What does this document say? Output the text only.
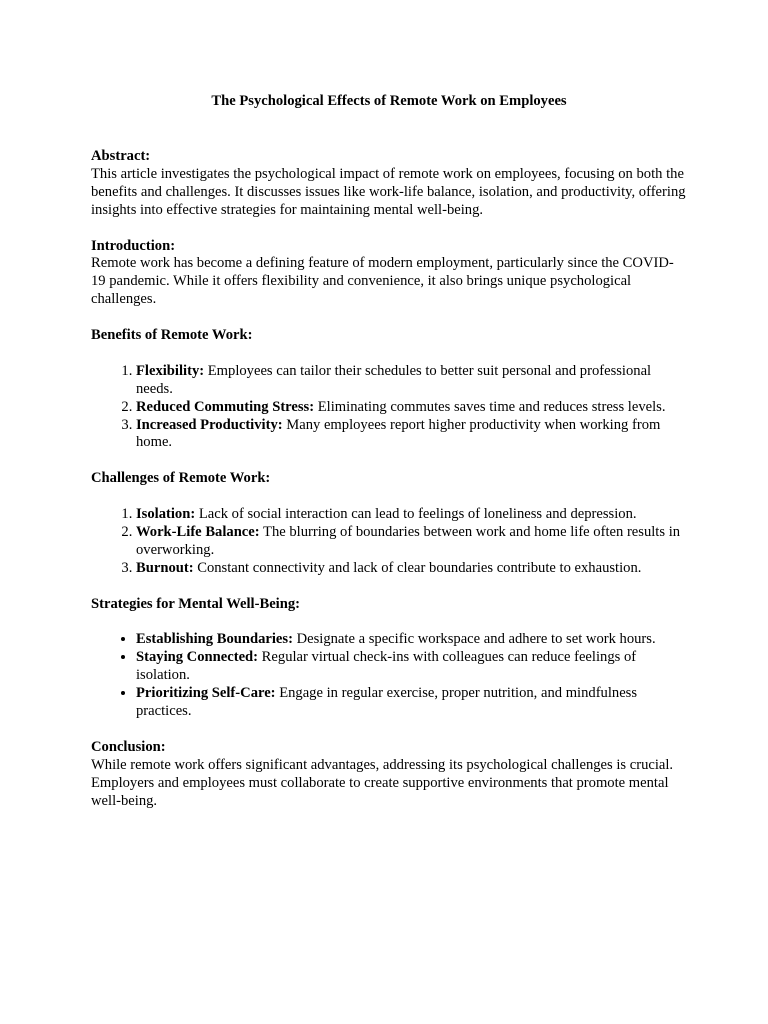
The Psychological Effects of Remote Work on Employees

Abstract:

This article investigates the psychological impact of remote work on employees, focusing on both the benefits and challenges. It discusses issues like work-life balance, isolation, and productivity, offering insights into effective strategies for maintaining mental well-being.

Introduction:

Remote work has become a defining feature of modern employment, particularly since the COVID-19 pandemic. While it offers flexibility and convenience, it also brings unique psychological challenges.

Benefits of Remote Work:

1. Flexibility: Employees can tailor their schedules to better suit personal and professional needs.
2. Reduced Commuting Stress: Eliminating commutes saves time and reduces stress levels.
3. Increased Productivity: Many employees report higher productivity when working from home.

Challenges of Remote Work:

1. Isolation: Lack of social interaction can lead to feelings of loneliness and depression.
2. Work-Life Balance: The blurring of boundaries between work and home life often results in overworking.
3. Burnout: Constant connectivity and lack of clear boundaries contribute to exhaustion.

Strategies for Mental Well-Being:

• Establishing Boundaries: Designate a specific workspace and adhere to set work hours.
• Staying Connected: Regular virtual check-ins with colleagues can reduce feelings of isolation.
• Prioritizing Self-Care: Engage in regular exercise, proper nutrition, and mindfulness practices.

Conclusion:

While remote work offers significant advantages, addressing its psychological challenges is crucial. Employers and employees must collaborate to create supportive environments that promote mental well-being.
